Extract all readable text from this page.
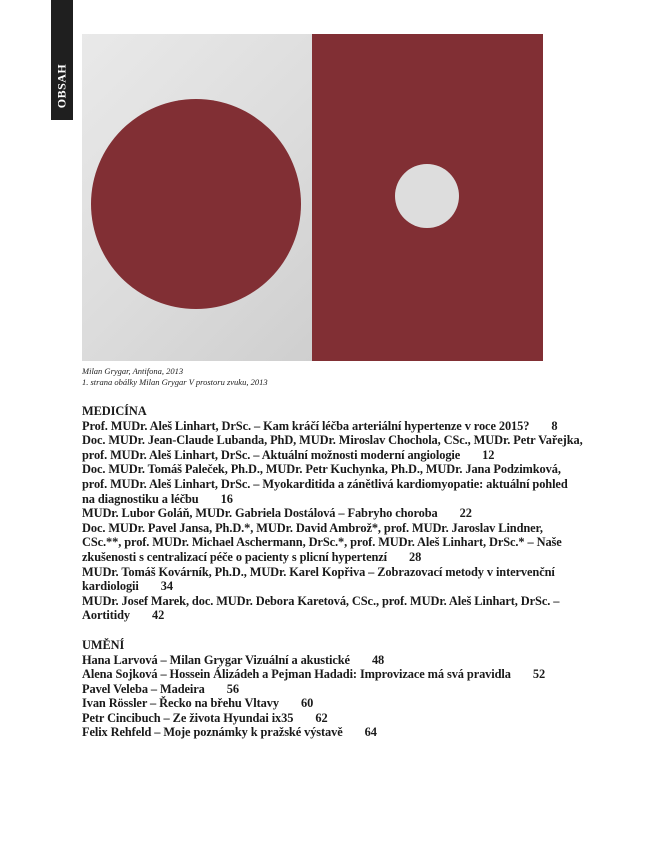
OBSAH
Milan Grygar, Antifona, 2013
1. strana obálky Milan Grygar V prostoru zvuku, 2013
MEDICÍNA
Prof. MUDr. Aleš Linhart, DrSc. – Kam kráčí léčba arteriální hypertenze v roce 2015? 8
Doc. MUDr. Jean-Claude Lubanda, PhD, MUDr. Miroslav Chochola, CSc., MUDr. Petr Vařejka,
prof. MUDr. Aleš Linhart, DrSc. – Aktuální možnosti moderní angiologie 12
Doc. MUDr. Tomáš Paleček, Ph.D., MUDr. Petr Kuchynka, Ph.D., MUDr. Jana Podzimková,
prof. MUDr. Aleš Linhart, DrSc. – Myokarditida a zánětlivá kardiomyopatie: aktuální pohled
na diagnostiku a léčbu 16
MUDr. Lubor Goláň, MUDr. Gabriela Dostálová – Fabryho choroba 22
Doc. MUDr. Pavel Jansa, Ph.D.*, MUDr. David Ambrož*, prof. MUDr. Jaroslav Lindner,
CSc.**, prof. MUDr. Michael Aschermann, DrSc.*, prof. MUDr. Aleš Linhart, DrSc.* – Naše
zkušenosti s centralizací péče o pacienty s plicní hypertenzí 28
MUDr. Tomáš Kovárník, Ph.D., MUDr. Karel Kopřiva – Zobrazovací metody v intervenční
kardiologii 34
MUDr. Josef Marek, doc. MUDr. Debora Karetová, CSc., prof. MUDr. Aleš Linhart, DrSc. –
Aortitidy 42
UMĚNÍ
Hana Larvová – Milan Grygar Vizuální a akustické 48
Alena Sojková – Hossein Álizádeh a Pejman Hadadi: Improvizace má svá pravidla 52
Pavel Veleba – Madeira 56
Ivan Rössler – Řecko na břehu Vltavy 60
Petr Cincibuch – Ze života Hyundai ix35 62
Felix Rehfeld – Moje poznámky k pražské výstavě 64
